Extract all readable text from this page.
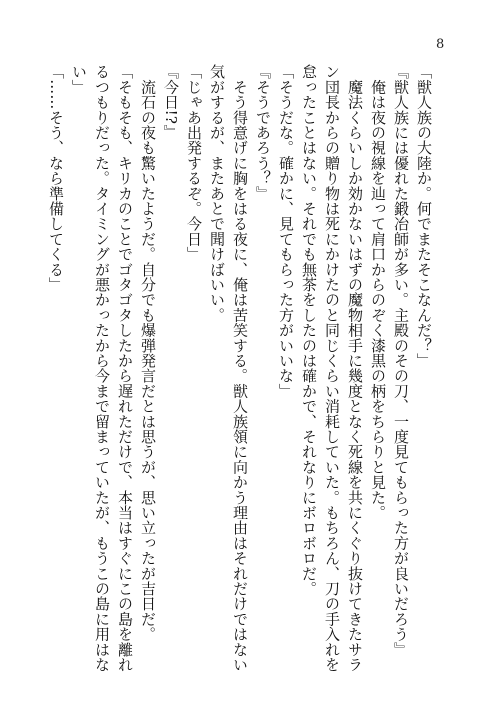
8
「獣人族の大陸か。何でまたそこなんだ？」
『獣人族には優れた鍛冶師が多い。主殿のその刀、一度見てもらった方が良いだろう』
　俺は夜の視線を辿って肩口からのぞく漆黒の柄をちらりと見た。
　魔法くらいしか効かないはずの魔物相手に幾度となく死線を共にくぐり抜けてきたサラ
ン団長からの贈り物は死にかけたのと同じくらい消耗していた。もちろん、刀の手入れを
怠ったことはない。それでも無茶をしたのは確かで、それなりにボロボロだ。
「そうだな。確かに、見てもらった方がいいな」
『そうであろう？』
　そう得意げに胸をはる夜に、俺は苦笑する。獣人族領に向かう理由はそれだけではない
気がするが、またあとで聞けばいい。
「じゃあ出発するぞ。今日」
『今日!?』
　流石の夜も驚いたようだ。自分でも爆弾発言だとは思うが、思い立ったが吉日だ。
「そもそも、キリカのことでゴタゴタしたから遅れただけで、本当はすぐにこの島を離れ
るつもりだった。タイミングが悪かったから今まで留まっていたが、もうこの島に用はな
い」
「……そう、なら準備してくる」
